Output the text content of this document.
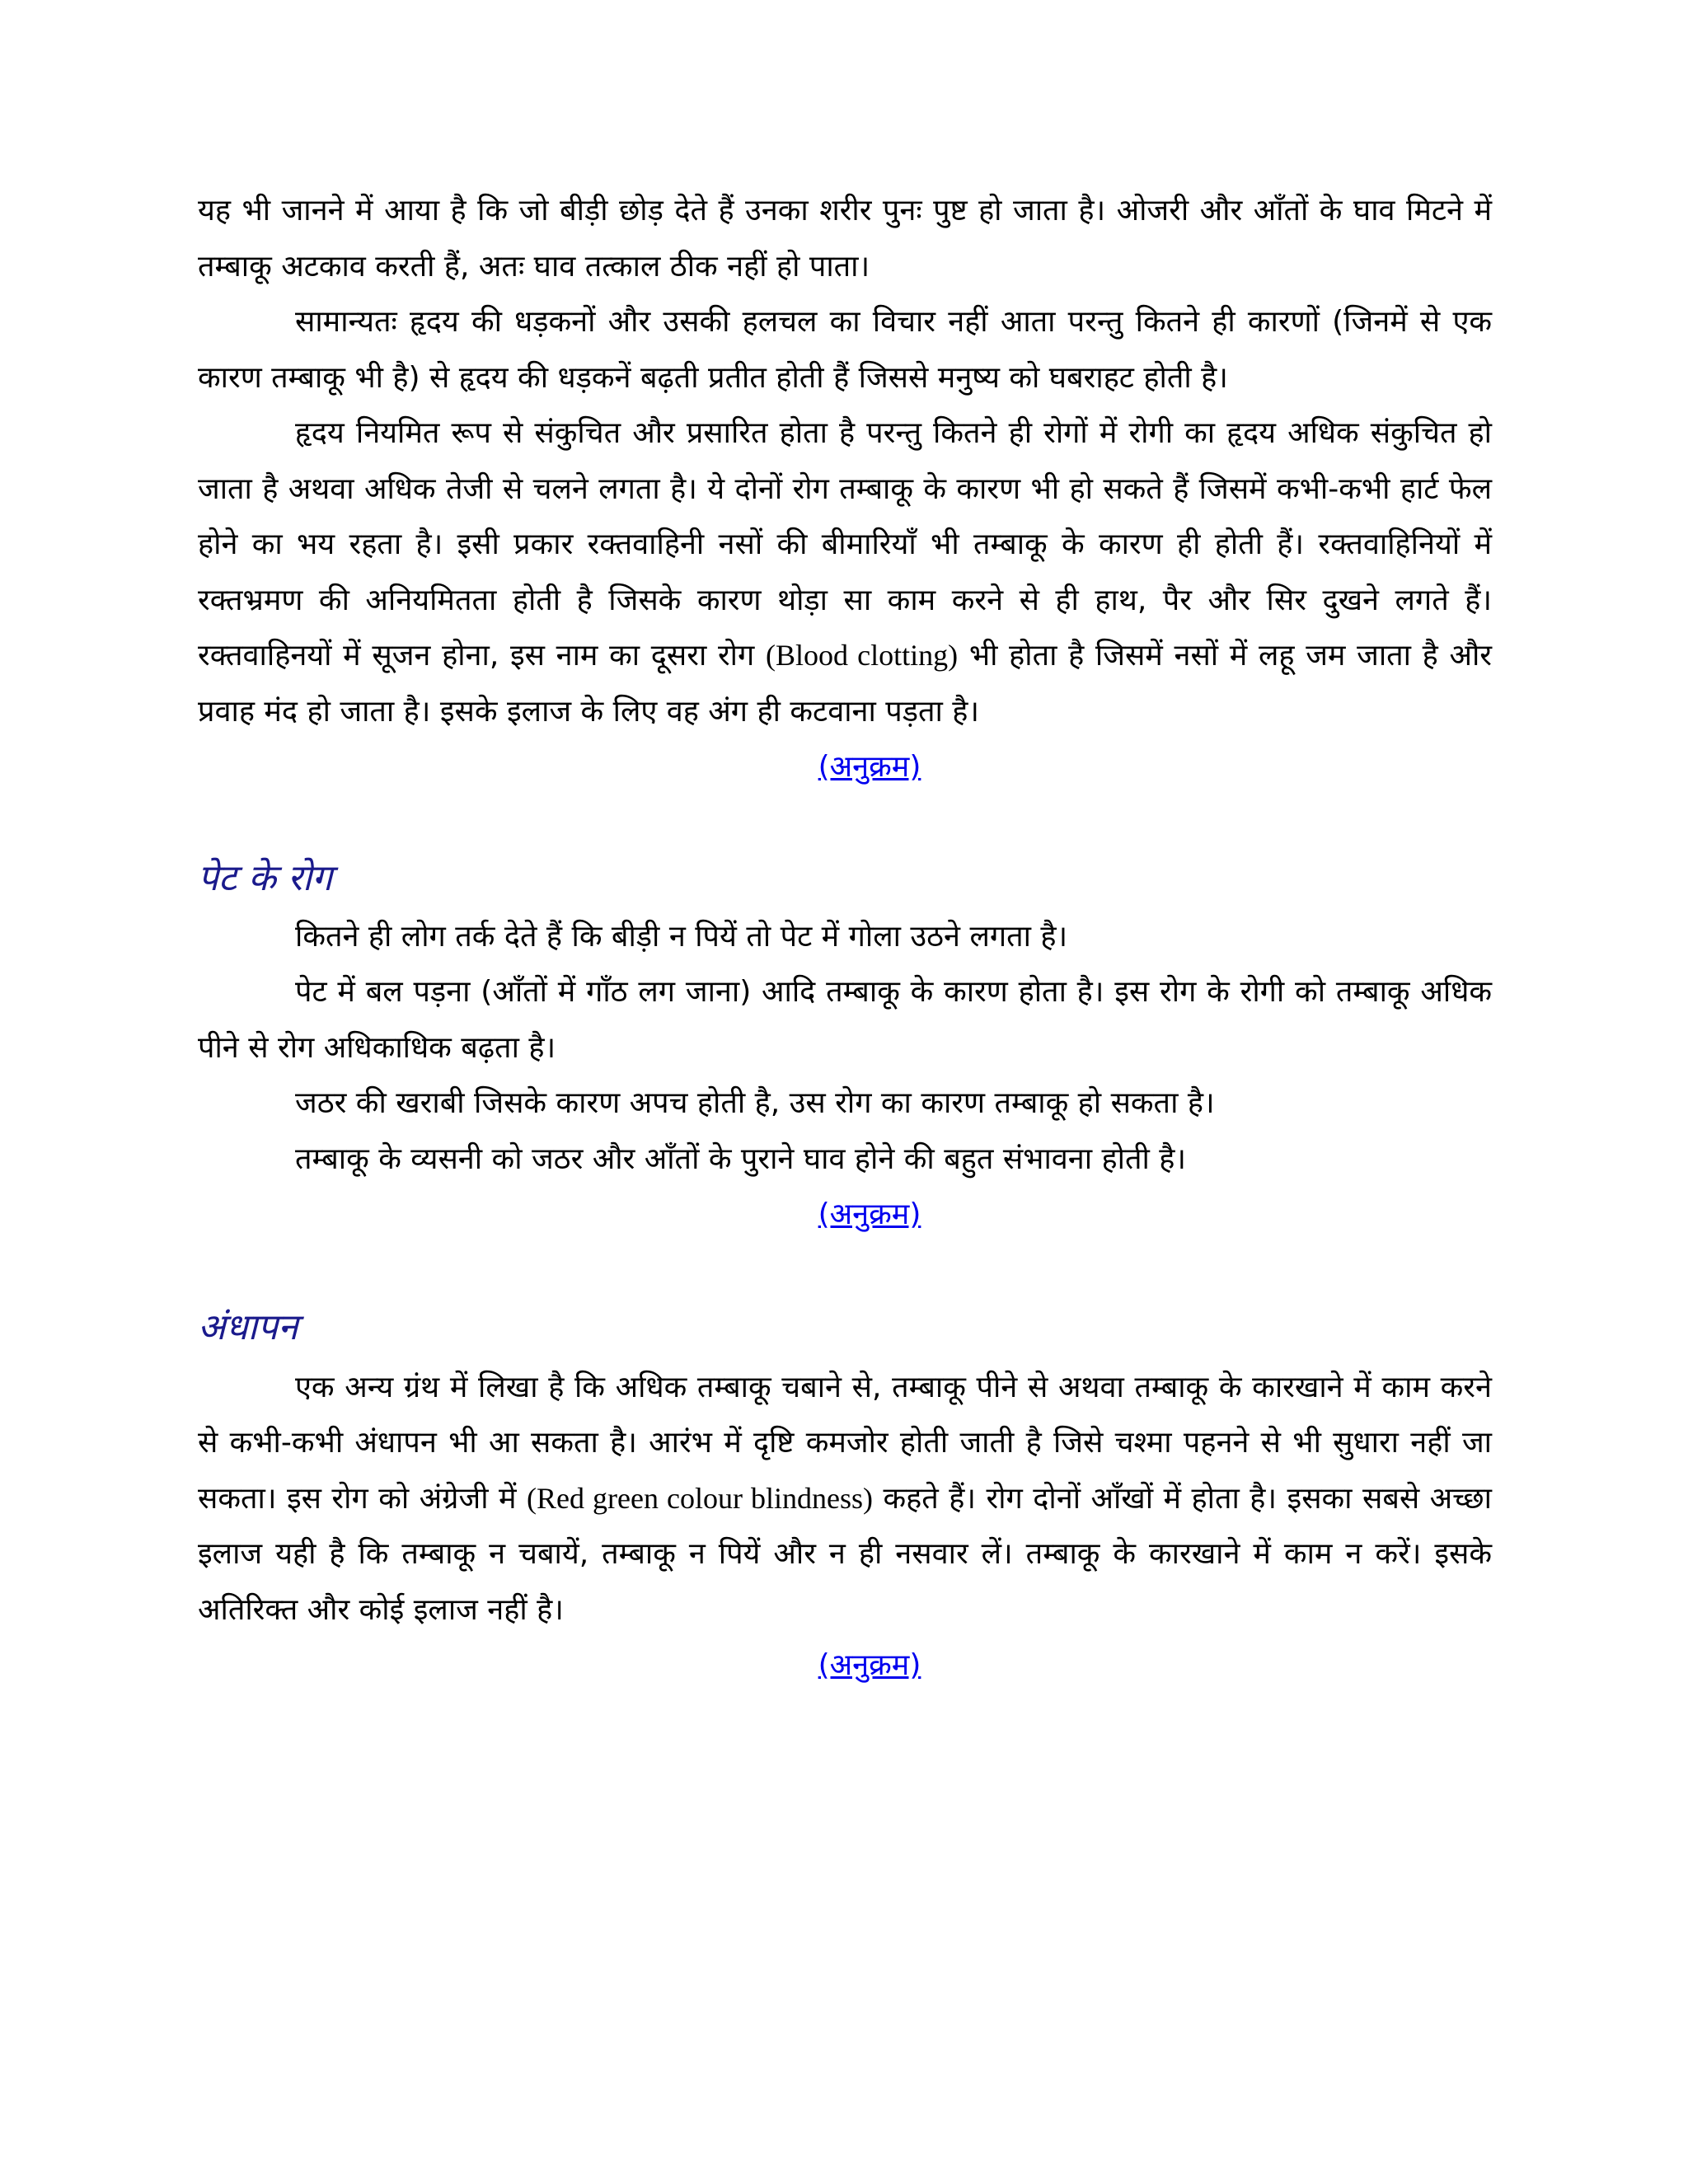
यह भी जानने में आया है कि जो बीड़ी छोड़ देते हैं उनका शरीर पुनः पुष्ट हो जाता है। ओजरी और आँतों के घाव मिटने में तम्बाकू अटकाव करती हैं, अतः घाव तत्काल ठीक नहीं हो पाता।

सामान्यतः हृदय की धड़कनों और उसकी हलचल का विचार नहीं आता परन्तु कितने ही कारणों (जिनमें से एक कारण तम्बाकू भी है) से हृदय की धड़कनें बढ़ती प्रतीत होती हैं जिससे मनुष्य को घबराहट होती है।

हृदय नियमित रूप से संकुचित और प्रसारित होता है परन्तु कितने ही रोगों में रोगी का हृदय अधिक संकुचित हो जाता है अथवा अधिक तेजी से चलने लगता है। ये दोनों रोग तम्बाकू के कारण भी हो सकते हैं जिसमें कभी-कभी हार्ट फेल होने का भय रहता है। इसी प्रकार रक्तवाहिनी नसों की बीमारियाँ भी तम्बाकू के कारण ही होती हैं। रक्तवाहिनियों में रक्तभ्रमण की अनियमितता होती है जिसके कारण थोड़ा सा काम करने से ही हाथ, पैर और सिर दुखने लगते हैं। रक्तवाहिनयों में सूजन होना, इस नाम का दूसरा रोग (Blood clotting) भी होता है जिसमें नसों में लहू जम जाता है और प्रवाह मंद हो जाता है। इसके इलाज के लिए वह अंग ही कटवाना पड़ता है।

(अनुक्रम)

पेट के रोग

कितने ही लोग तर्क देते हैं कि बीड़ी न पियें तो पेट में गोला उठने लगता है।

पेट में बल पड़ना (आँतों में गाँठ लग जाना) आदि तम्बाकू के कारण होता है। इस रोग के रोगी को तम्बाकू अधिक पीने से रोग अधिकाधिक बढ़ता है।

जठर की खराबी जिसके कारण अपच होती है, उस रोग का कारण तम्बाकू हो सकता है।

तम्बाकू के व्यसनी को जठर और आँतों के पुराने घाव होने की बहुत संभावना होती है।

(अनुक्रम)

अंधापन

एक अन्य ग्रंथ में लिखा है कि अधिक तम्बाकू चबाने से, तम्बाकू पीने से अथवा तम्बाकू के कारखाने में काम करने से कभी-कभी अंधापन भी आ सकता है। आरंभ में दृष्टि कमजोर होती जाती है जिसे चश्मा पहनने से भी सुधारा नहीं जा सकता। इस रोग को अंग्रेजी में (Red green colour blindness) कहते हैं। रोग दोनों आँखों में होता है। इसका सबसे अच्छा इलाज यही है कि तम्बाकू न चबायें, तम्बाकू न पियें और न ही नसवार लें। तम्बाकू के कारखाने में काम न करें। इसके अतिरिक्त और कोई इलाज नहीं है।

(अनुक्रम)
